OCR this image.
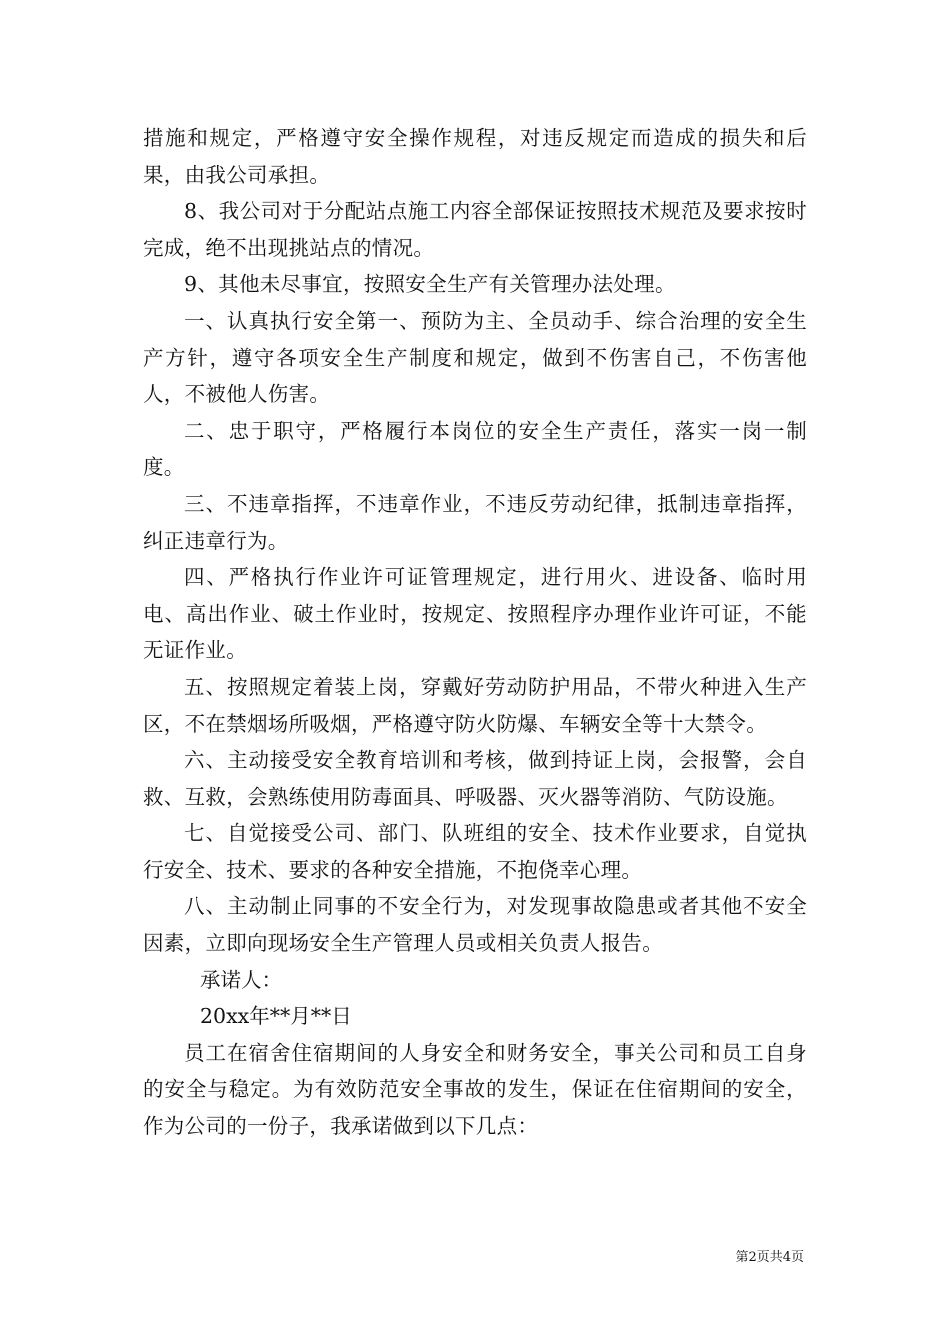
措施和规定，严格遵守安全操作规程，对违反规定而造成的损失和后果，由我公司承担。

8、我公司对于分配站点施工内容全部保证按照技术规范及要求按时完成，绝不出现挑站点的情况。

9、其他未尽事宜，按照安全生产有关管理办法处理。

一、认真执行安全第一、预防为主、全员动手、综合治理的安全生产方针，遵守各项安全生产制度和规定，做到不伤害自己，不伤害他人，不被他人伤害。

二、忠于职守，严格履行本岗位的安全生产责任，落实一岗一制度。

三、不违章指挥，不违章作业，不违反劳动纪律，抵制违章指挥，纠正违章行为。

四、严格执行作业许可证管理规定，进行用火、进设备、临时用电、高出作业、破土作业时，按规定、按照程序办理作业许可证，不能无证作业。

五、按照规定着装上岗，穿戴好劳动防护用品，不带火种进入生产区，不在禁烟场所吸烟，严格遵守防火防爆、车辆安全等十大禁令。

六、主动接受安全教育培训和考核，做到持证上岗，会报警，会自救、互救，会熟练使用防毒面具、呼吸器、灭火器等消防、气防设施。

七、自觉接受公司、部门、队班组的安全、技术作业要求，自觉执行安全、技术、要求的各种安全措施，不抱侥幸心理。

八、主动制止同事的不安全行为，对发现事故隐患或者其他不安全因素，立即向现场安全生产管理人员或相关负责人报告。

承诺人：

20xx年**月**日

员工在宿舍住宿期间的人身安全和财务安全，事关公司和员工自身的安全与稳定。为有效防范安全事故的发生，保证在住宿期间的安全，作为公司的一份子，我承诺做到以下几点：

第2页共4页
